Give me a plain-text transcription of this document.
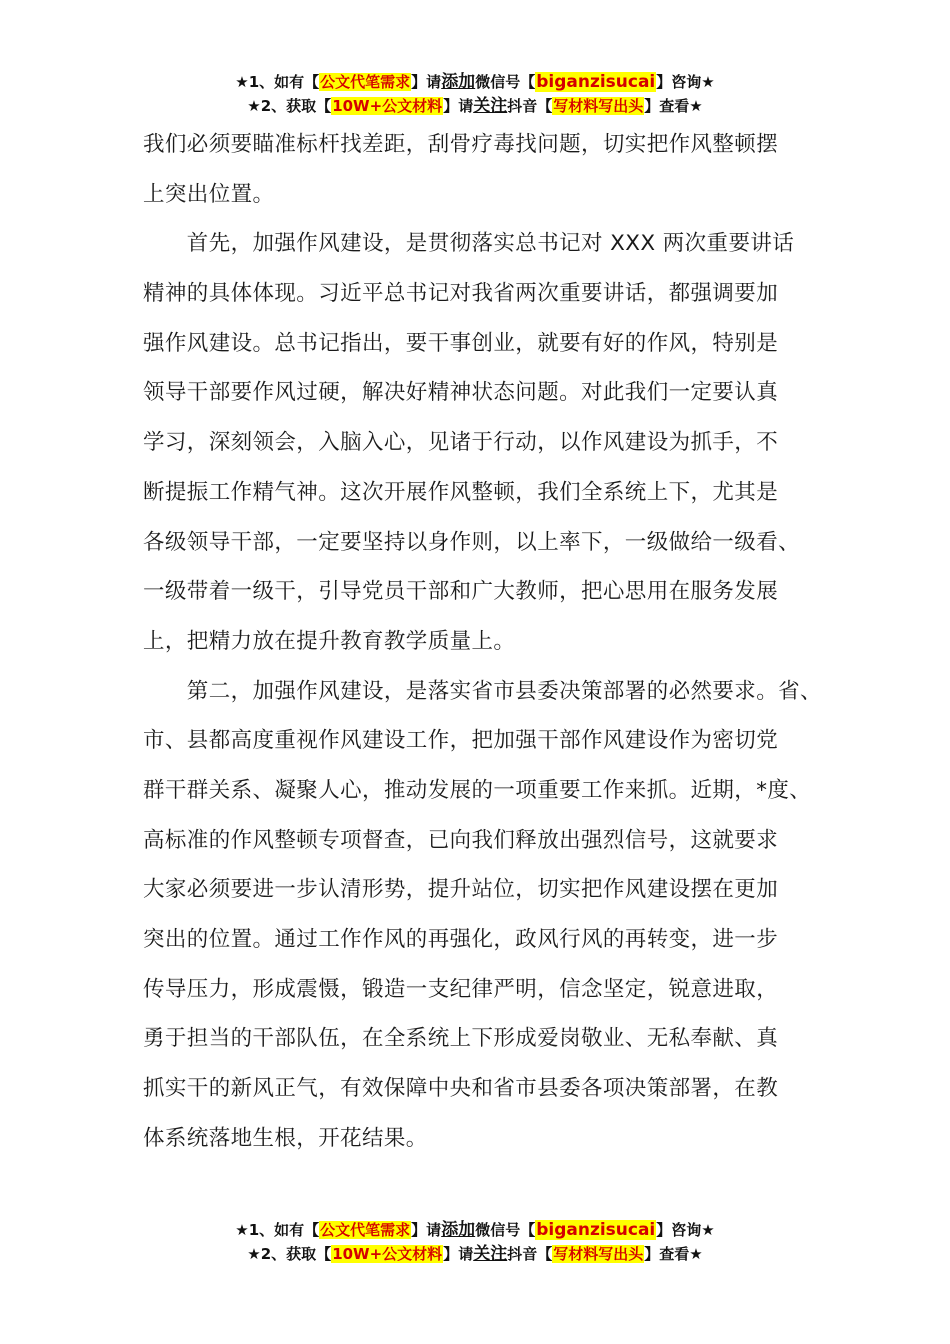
★1、如有【公文代笔需求】请添加微信号【biganzisucai】咨询★
★2、获取【10W+公文材料】请关注抖音【写材料写出头】查看★
我们必须要瞄准标杆找差距，刮骨疗毒找问题，切实把作风整顿摆
上突出位置。
　　首先，加强作风建设，是贯彻落实总书记对 XXX 两次重要讲话
精神的具体体现。习近平总书记对我省两次重要讲话，都强调要加
强作风建设。总书记指出，要干事创业，就要有好的作风，特别是
领导干部要作风过硬，解决好精神状态问题。对此我们一定要认真
学习，深刻领会，入脑入心，见诸于行动，以作风建设为抓手，不
断提振工作精气神。这次开展作风整顿，我们全系统上下，尤其是
各级领导干部，一定要坚持以身作则，以上率下，一级做给一级看、
一级带着一级干，引导党员干部和广大教师，把心思用在服务发展
上，把精力放在提升教育教学质量上。
　　第二，加强作风建设，是落实省市县委决策部署的必然要求。省、
市、县都高度重视作风建设工作，把加强干部作风建设作为密切党
群干群关系、凝聚人心，推动发展的一项重要工作来抓。近期，*度、
高标准的作风整顿专项督查，已向我们释放出强烈信号，这就要求
大家必须要进一步认清形势，提升站位，切实把作风建设摆在更加
突出的位置。通过工作作风的再强化，政风行风的再转变，进一步
传导压力，形成震慑，锻造一支纪律严明，信念坚定，锐意进取，
勇于担当的干部队伍，在全系统上下形成爱岗敬业、无私奉献、真
抓实干的新风正气，有效保障中央和省市县委各项决策部署，在教
体系统落地生根，开花结果。
★1、如有【公文代笔需求】请添加微信号【biganzisucai】咨询★
★2、获取【10W+公文材料】请关注抖音【写材料写出头】查看★
